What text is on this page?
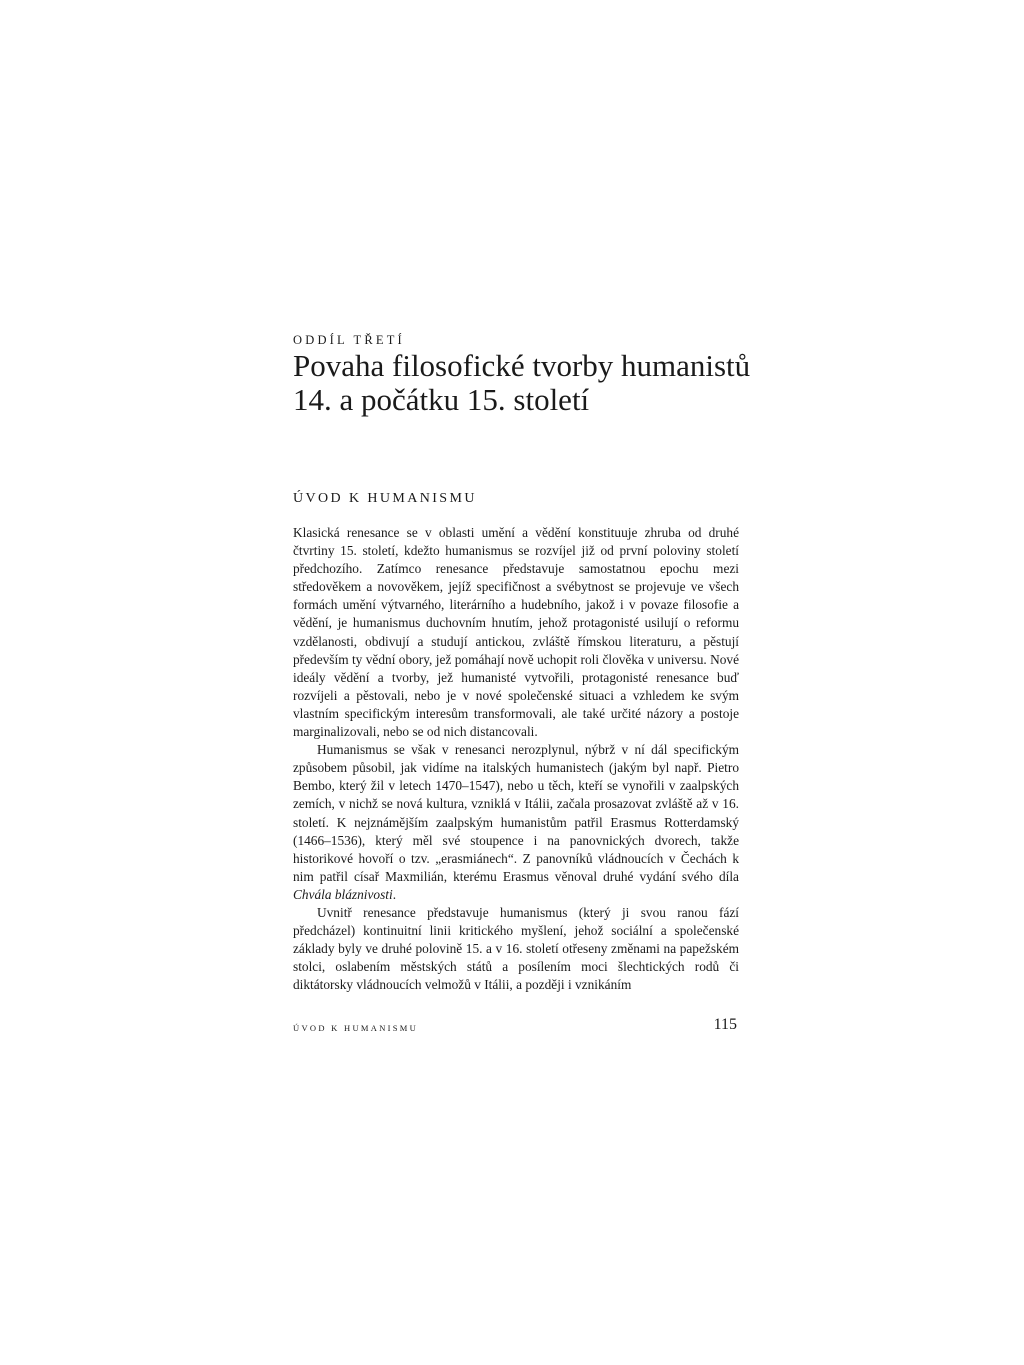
ODDÍL TŘETÍ
Povaha filosofické tvorby humanistů
14. a počátku 15. století
ÚVOD K HUMANISMU

Klasická renesance se v oblasti umění a vědění konstituuje zhruba od druhé čtvrtiny 15. století, kdežto humanismus se rozvíjel již od první poloviny století předchozího. Zatímco renesance představuje samostatnou epochu mezi středověkem a novověkem, jejíž specifičnost a svébytnost se projevuje ve všech formách umění výtvarného, literárního a hudebního, jakož i v povaze filosofie a vědění, je humanismus duchovním hnutím, jehož protagonisté usilují o reformu vzdělanosti, obdivují a studují antickou, zvláště římskou literaturu, a pěstují především ty vědní obory, jež pomáhají nově uchopit roli člověka v universu. Nové ideály vědění a tvorby, jež humanisté vytvořili, protagonisté renesance buď rozvíjeli a pěstovali, nebo je v nové společenské situaci a vzhledem ke svým vlastním specifickým interesům transformovali, ale také určité názory a postoje marginalizovali, nebo se od nich distancovali.

Humanismus se však v renesanci nerozplynul, nýbrž v ní dál specifickým způsobem působil, jak vidíme na italských humanistech (jakým byl např. Pietro Bembo, který žil v letech 1470–1547), nebo u těch, kteří se vynořili v zaalpských zemích, v nichž se nová kultura, vzniklá v Itálii, začala prosazovat zvláště až v 16. století. K nejznámějším zaalpským humanistům patřil Erasmus Rotterdamský (1466–1536), který měl své stoupence i na panovnických dvorech, takže historikové hovoří o tzv. „erasmiánech“. Z panovníků vládnoucích v Čechách k nim patřil císař Maxmilián, kterému Erasmus věnoval druhé vydání svého díla Chvála bláznivosti.

Uvnitř renesance představuje humanismus (který ji svou ranou fází předcházel) kontinuitní linii kritického myšlení, jehož sociální a společenské základy byly ve druhé polovině 15. a v 16. století otřeseny změnami na papežském stolci, oslabením městských států a posílením moci šlechtických rodů či diktátorsky vládnoucích velmožů v Itálii, a později i vznikáním

ÚVOD K HUMANISMU	115
